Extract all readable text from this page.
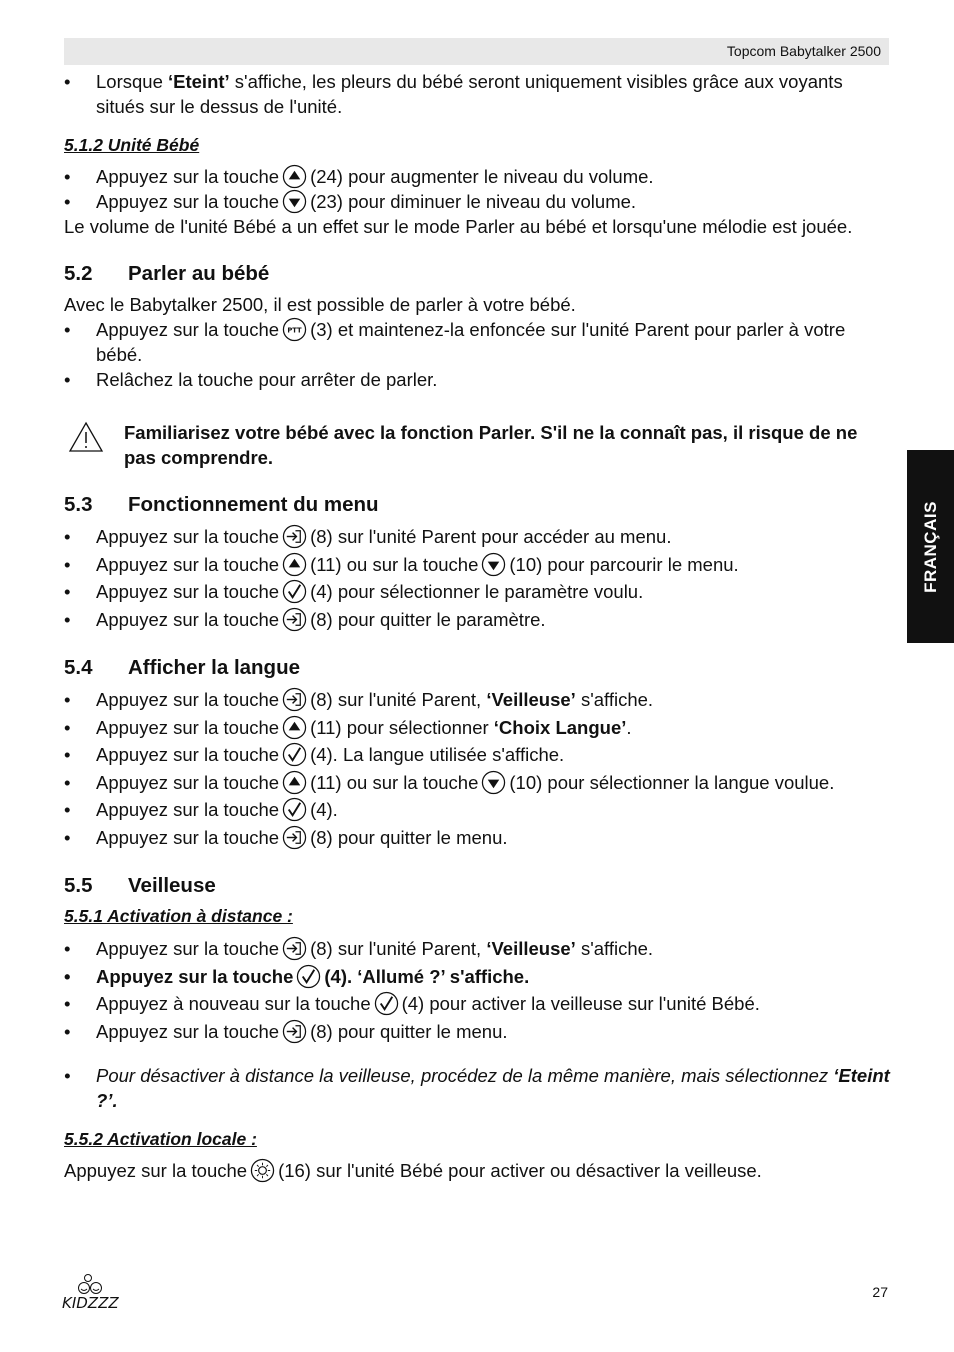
Topcom Babytalker 2500
FRANÇAIS

•	Lorsque ‘Eteint’ s'affiche, les pleurs du bébé seront uniquement visibles grâce aux voyants situés sur le dessus de l'unité.

5.1.2 Unité Bébé

•	Appuyez sur la touche (24) pour augmenter le niveau du volume.

•	Appuyez sur la touche (23) pour diminuer le niveau du volume.

Le volume de l'unité Bébé a un effet sur le mode Parler au bébé et lorsqu'une mélodie est jouée.

5.2 Parler au bébé

Avec le Babytalker 2500, il est possible de parler à votre bébé.

•	Appuyez sur la touche (3) et maintenez-la enfoncée sur l'unité Parent pour parler à votre bébé.

•	Relâchez la touche pour arrêter de parler.

Familiarisez votre bébé avec la fonction Parler. S'il ne la connaît pas, il risque de ne pas comprendre.

5.3 Fonctionnement du menu

•	Appuyez sur la touche (8) sur l'unité Parent pour accéder au menu.

•	Appuyez sur la touche (11) ou sur la touche (10) pour parcourir le menu.

•	Appuyez sur la touche (4) pour sélectionner le paramètre voulu.

•	Appuyez sur la touche (8) pour quitter le paramètre.

5.4 Afficher la langue

•	Appuyez sur la touche (8) sur l'unité Parent, ‘Veilleuse’ s'affiche.

•	Appuyez sur la touche (11) pour sélectionner ‘Choix Langue’.

•	Appuyez sur la touche (4). La langue utilisée s'affiche.

•	Appuyez sur la touche (11) ou sur la touche (10) pour sélectionner la langue voulue.

•	Appuyez sur la touche (4).

•	Appuyez sur la touche (8) pour quitter le menu.

5.5 Veilleuse

5.5.1 Activation à distance :

•	Appuyez sur la touche (8) sur l'unité Parent, ‘Veilleuse’ s'affiche.

•	Appuyez sur la touche (4). ‘Allumé ?’ s'affiche.

•	Appuyez à nouveau sur la touche (4) pour activer la veilleuse sur l'unité Bébé.

•	Appuyez sur la touche (8) pour quitter le menu.

•	Pour désactiver à distance la veilleuse, procédez de la même manière, mais sélectionnez ‘Eteint ?’.

5.5.2 Activation locale :

Appuyez sur la touche (16) sur l'unité Bébé pour activer ou désactiver la veilleuse.

KIDZZZ
27
